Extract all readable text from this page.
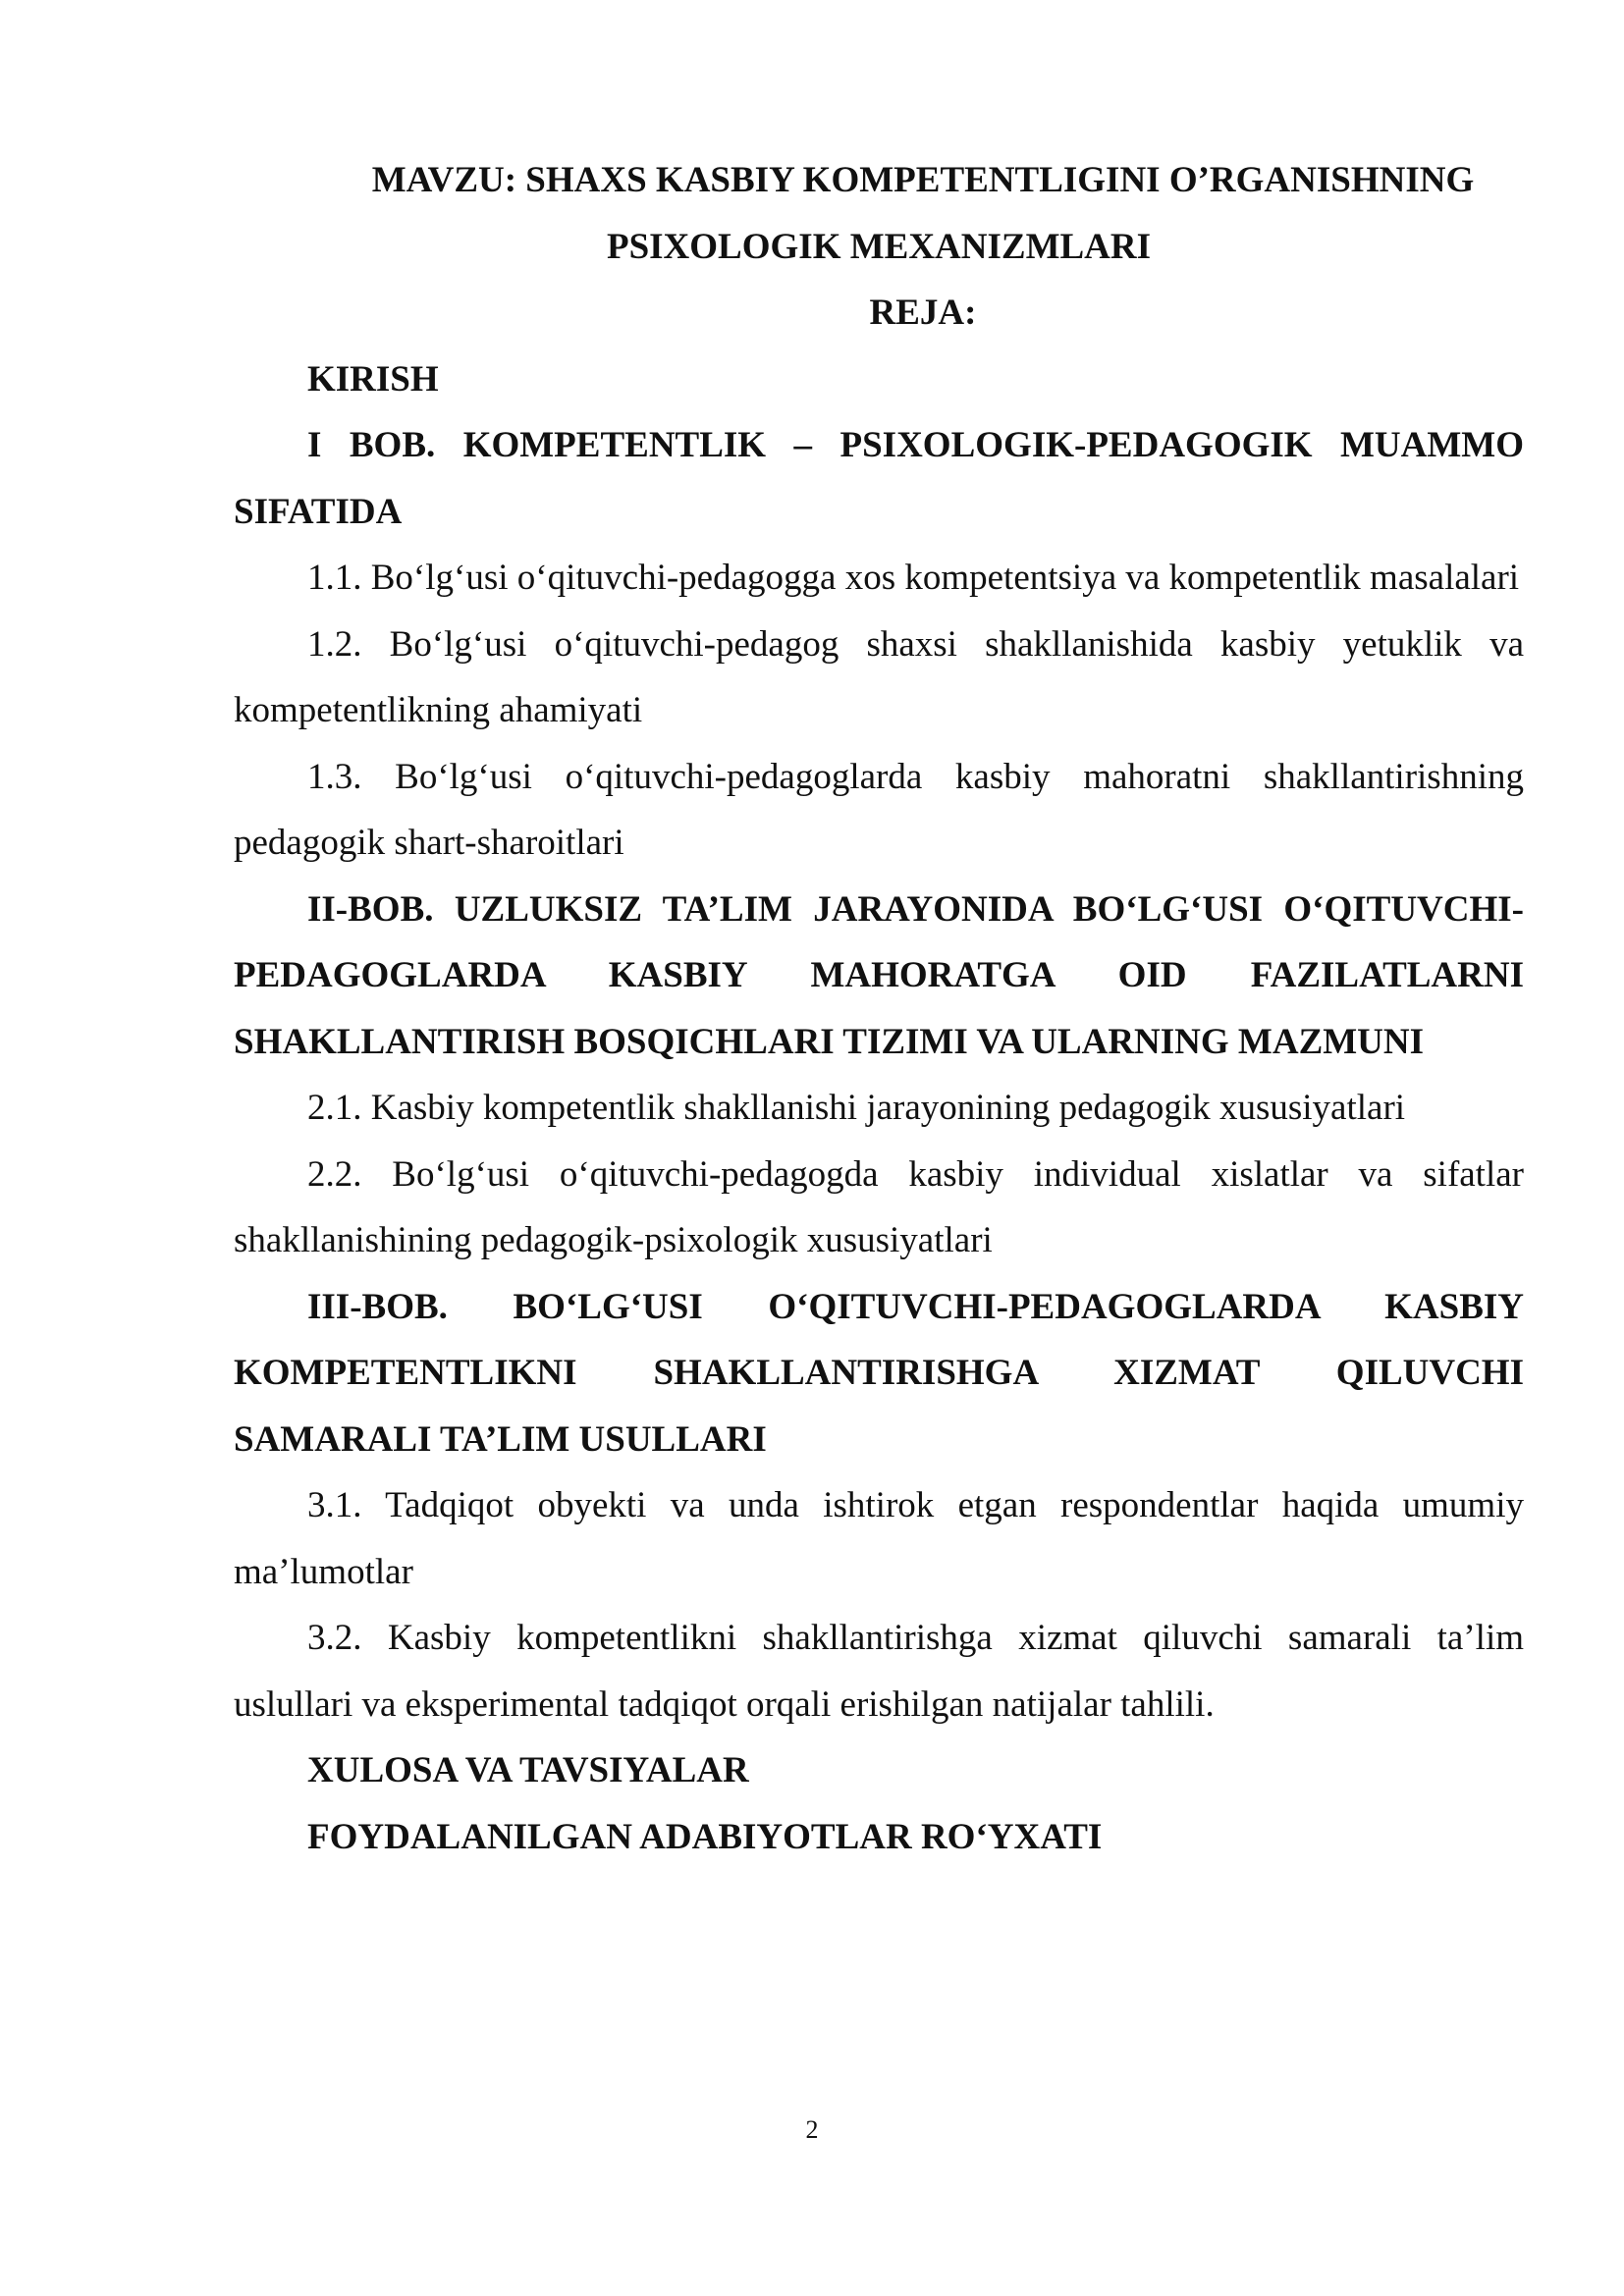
MAVZU: SHAXS KASBIY KOMPETENTLIGINI O’RGANISHNING
PSIXOLOGIK MEXANIZMLARI
REJA:
KIRISH
I BOB. KOMPETENTLIK – PSIXOLOGIK-PEDAGOGIK MUAMMO SIFATIDA
1.1. Bo‘lg‘usi o‘qituvchi-pedagogga xos kompetentsiya va kompetentlik masalalari
1.2. Bo‘lg‘usi o‘qituvchi-pedagog shaxsi shakllanishida kasbiy yetuklik va kompetentlikning ahamiyati
1.3. Bo‘lg‘usi o‘qituvchi-pedagoglarda kasbiy mahoratni shakllantirishning pedagogik shart-sharoitlari
II-BOB. UZLUKSIZ TA’LIM JARAYONIDA BO‘LG‘USI O‘QITUVCHI-PEDAGOGLARDA KASBIY MAHORATGA OID FAZILATLARNI SHAKLLANTIRISH BOSQICHLARI TIZIMI VA ULARNING MAZMUNI
2.1. Kasbiy kompetentlik shakllanishi jarayonining pedagogik xususiyatlari
2.2. Bo‘lg‘usi o‘qituvchi-pedagogda kasbiy individual xislatlar va sifatlar shakllanishining pedagogik-psixologik xususiyatlari
III-BOB. BO‘LG‘USI O‘QITUVCHI-PEDAGOGLARDA KASBIY KOMPETENTLIKNI SHAKLLANTIRISHGA XIZMAT QILUVCHI SAMARALI TA’LIM USULLARI
3.1. Tadqiqot obyekti va unda ishtirok etgan respondentlar haqida umumiy ma’lumotlar
3.2. Kasbiy kompetentlikni shakllantirishga xizmat qiluvchi samarali ta’lim uslullari va eksperimental tadqiqot orqali erishilgan natijalar tahlili.
XULOSA VA TAVSIYALAR
FOYDALANILGAN ADABIYOTLAR RO‘YXATI
2
